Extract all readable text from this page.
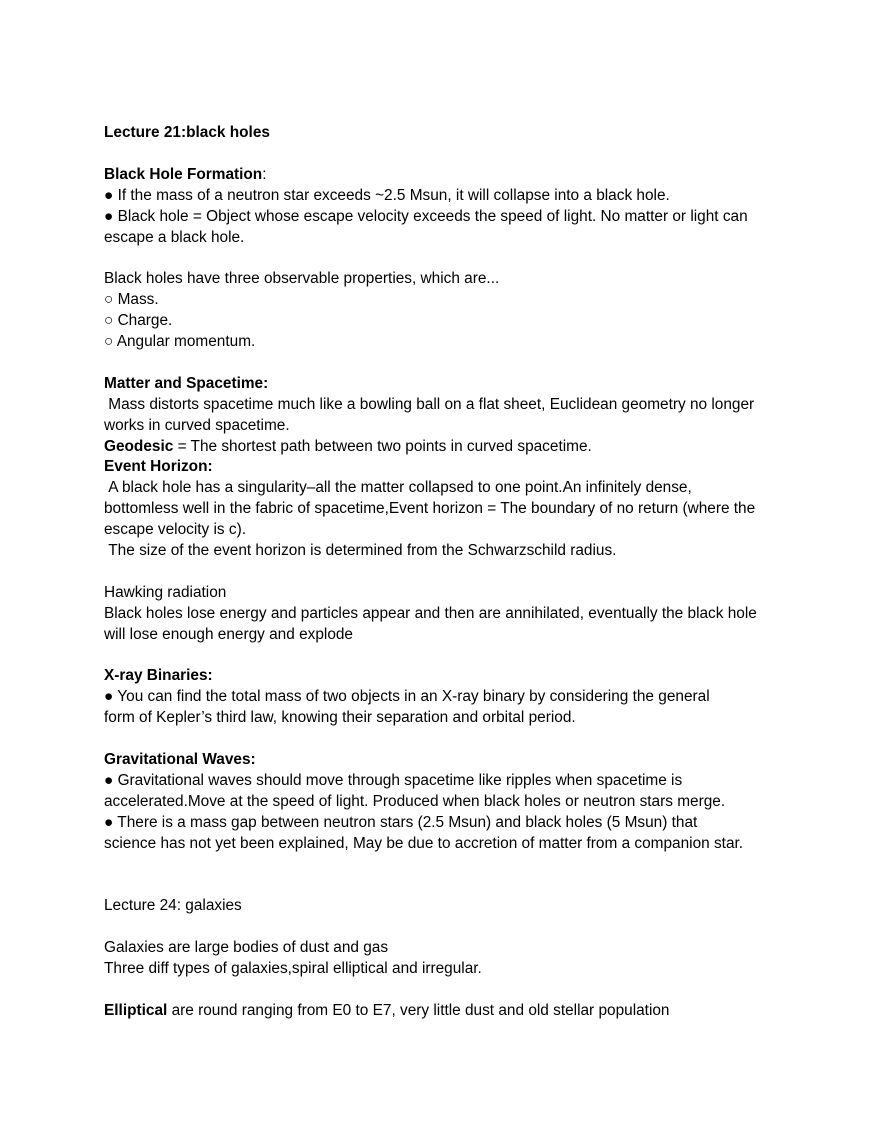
Lecture 21:black holes
Black Hole Formation:
● If the mass of a neutron star exceeds ~2.5 Msun, it will collapse into a black hole.
● Black hole = Object whose escape velocity exceeds the speed of light. No matter or light can
escape a black hole.
Black holes have three observable properties, which are...
○ Mass.
○ Charge.
○ Angular momentum.
Matter and Spacetime:
Mass distorts spacetime much like a bowling ball on a flat sheet, Euclidean geometry no longer
works in curved spacetime.
Geodesic = The shortest path between two points in curved spacetime.
Event Horizon:
A black hole has a singularity–all the matter collapsed to one point.An infinitely dense,
bottomless well in the fabric of spacetime,Event horizon = The boundary of no return (where the
escape velocity is c).
The size of the event horizon is determined from the Schwarzschild radius.
Hawking radiation
Black holes lose energy and particles appear and then are annihilated, eventually the black hole
will lose enough energy and explode
X-ray Binaries:
● You can find the total mass of two objects in an X-ray binary by considering the general
form of Kepler’s third law, knowing their separation and orbital period.
Gravitational Waves:
● Gravitational waves should move through spacetime like ripples when spacetime is
accelerated.Move at the speed of light. Produced when black holes or neutron stars merge.
● There is a mass gap between neutron stars (2.5 Msun) and black holes (5 Msun) that
science has not yet been explained, May be due to accretion of matter from a companion star.
Lecture 24: galaxies
Galaxies are large bodies of dust and gas
Three diff types of galaxies,spiral elliptical and irregular.
Elliptical are round ranging from E0 to E7, very little dust and old stellar population
